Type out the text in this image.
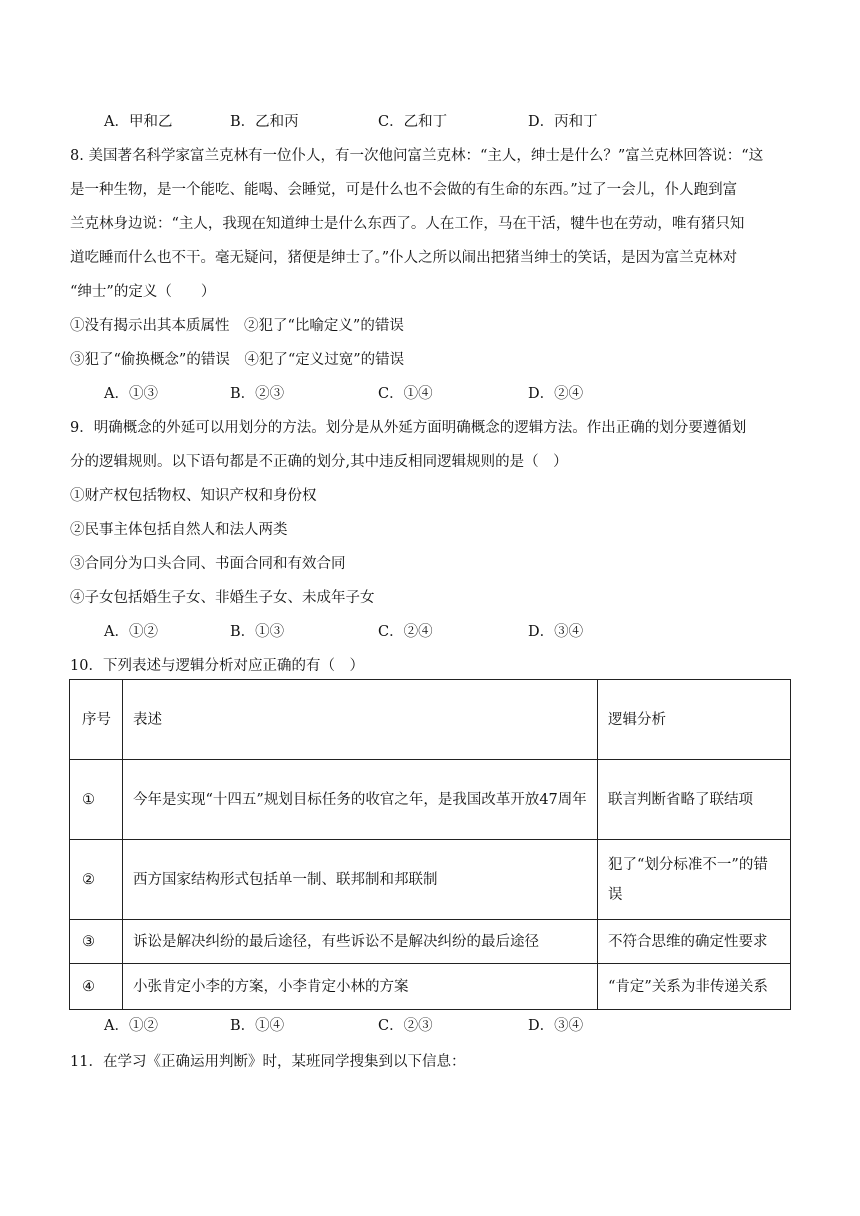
A．甲和乙	B．乙和丙	C．乙和丁	D．丙和丁
8. 美国著名科学家富兰克林有一位仆人，有一次他问富兰克林：“主人，绅士是什么？”富兰克林回答说：“这
是一种生物，是一个能吃、能喝、会睡觉，可是什么也不会做的有生命的东西。”过了一会儿，仆人跑到富
兰克林身边说：“主人，我现在知道绅士是什么东西了。人在工作，马在干活，犍牛也在劳动，唯有猪只知
道吃睡而什么也不干。毫无疑问，猪便是绅士了。”仆人之所以闹出把猪当绅士的笑话，是因为富兰克林对
“绅士”的定义（　　）
①没有揭示出其本质属性　②犯了“比喻定义”的错误
③犯了“偷换概念”的错误　④犯了“定义过宽”的错误
A．①③	B．②③	C．①④	D．②④
9．明确概念的外延可以用划分的方法。划分是从外延方面明确概念的逻辑方法。作出正确的划分要遵循划
分的逻辑规则。以下语句都是不正确的划分,其中违反相同逻辑规则的是（　）
①财产权包括物权、知识产权和身份权
②民事主体包括自然人和法人两类
③合同分为口头合同、书面合同和有效合同
④子女包括婚生子女、非婚生子女、未成年子女
A．①②	B．①③	C．②④	D．③④
10．下列表述与逻辑分析对应正确的有（　）
序号	表述	逻辑分析
①	今年是实现“十四五”规划目标任务的收官之年，是我国改革开放47周年	联言判断省略了联结项
②	西方国家结构形式包括单一制、联邦制和邦联制	犯了“划分标准不一”的错误
③	诉讼是解决纠纷的最后途径，有些诉讼不是解决纠纷的最后途径	不符合思维的确定性要求
④	小张肯定小李的方案，小李肯定小林的方案	“肯定”关系为非传递关系
A．①②	B．①④	C．②③	D．③④
11．在学习《正确运用判断》时，某班同学搜集到以下信息：
